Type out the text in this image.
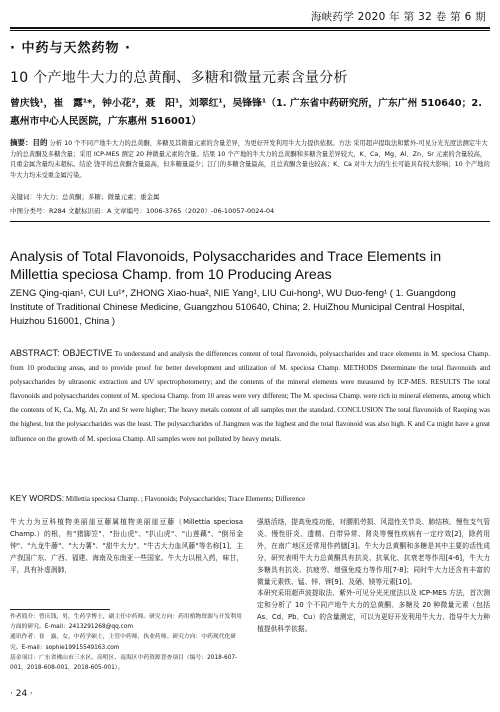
海峡药学 2020 年 第 32 卷 第 6 期
· 中药与天然药物 ·
10 个产地牛大力的总黄酮、多糖和微量元素含量分析
曾庆钱¹，崔　露¹*，钟小花²，聂　阳¹，刘翠红¹，吴锋锋¹（1. 广东省中药研究所，广东广州 510640；2. 惠州市中心人民医院，广东惠州 516001）
摘要：目的 分析 10 个不同产地牛大力的总黄酮、多糖及其微量元素的含量差异，为更好开发利用牛大力提供依据。方法 采用超声提取法和紫外-可见分光光度法测定牛大力的总黄酮及多糖含量；采用 ICP-MES 测定 20 种微量元素的含量。结果 10 个产地的牛大力的总黄酮和多糖含量差异较大，K、Ca、Mg、Al、Zn、Sr 元素的含量较高，且重金属含量均未超标。结论 饶平的总黄酮含量最高，但多糖量最少；江门的多糖含量最高，且总黄酮含量也较高；K、Ca 对牛大力的生长可能具有较大影响；10 个产地的牛大力均未受重金属污染。
关键词：牛大力；总黄酮；多糖；微量元素；重金属
中图分类号：R284 文献标识码：A 文章编号：1006-3765（2020）-06-10057-0024-04
Analysis of Total Flavonoids, Polysaccharides and Trace Elements in Millettia speciosa Champ. from 10 Producing Areas
ZENG Qing-qian¹, CUI Lu¹*, ZHONG Xiao-hua², NIE Yang¹, LIU Cui-hong¹, WU Duo-feng¹ ( 1. Guangdong Institute of Traditional Chinese Medicine, Guangzhou 510640, China; 2. HuiZhou Municipal Central Hospital, Huizhou 516001, China )
ABSTRACT: OBJECTIVE To understand and analysis the differences content of total flavonoids, polysaccharides and trace elements in M. speciosa Champ. from 10 producing areas, and to provide proof for better development and utilization of M. speciosa Champ. METHODS Determinate the total flavonoids and polysaccharides by ultrasonic extraction and UV spectrophotometry; and the contents of the mineral elements were measured by ICP-MES. RESULTS The total flavonoids and polysaccharides content of M. speciosa Champ. from 10 areas were very different; The M. speciosa Champ. were rich in mineral elements, among which the contents of K, Ca, Mg, Al, Zn and Sr were higher; The heavy metals content of all samples met the standard. CONCLUSION The total flavonoids of Raoping was the highest, but the polysaccharides was the least. The polysaccharides of Jiangmen was the highest and the total flavonoid was also high. K and Ca might have a great influence on the growth of M. speciosa Champ. All samples were not polluted by heavy metals.
KEY WORDS: Millettia speciosa Champ. ; Flavonoids; Polysaccharides; Trace Elements; Difference
牛大力为豆科植物美丽崖豆藤属植物美丽崖豆藤（Millettia speciosa Champ.）的根，有"猪脚笠"、"扮山虎"、"扒山虎"、"山莲藕"、"倒吊金钟"、"九龙牛藤"、"大力薯"、"甜牛大力"、"牛古大力血风藤"等名称[1]，主产我国广东、广西、福建、海南及东南亚一些国家。牛大力以根入药，味甘，平，具有补虚润肺，
作者简介：曾庆钱，男，生药学博士，副主任中药师。研究方向：药用植物资源与开发利用方面的研究。E-mail：2413291268@qq.com
通讯作者：崔　露，女，中药学硕士，主管中药师，执业药师。研究方向：中药现代化研究。E-mail：sophie19915549163.com
基金项目：广东省佛山市三水区、高明区、南海区中药资源普查项目（编号：2018-607-001，2018-608-001，2018-605-001）。
强筋活络，提高免疫功能，对腰肌劳损、风湿性关节炎、肺结核、慢性支气管炎、慢性肝炎、遗精、白带异常、肾炎等慢性疾病有一定疗效[2]，除药用外，在南广地区还常用作药膳[3]。牛大力总黄酮和多糖是其中主要的活性成分，研究表明牛大力总黄酮具有抗炎、抗氧化、抗衰老等作用[4-6]，牛大力多糖具有抗炎、抗疲劳、增强免疫力等作用[7-8]；同时牛大力还含有丰富的微量元素铁、锰、锌、钾[9]、及硒、镁等元素[10]。
本研究采用超声波提取法、紫外-可见分光光度法以及 ICP-MES 方法，首次测定和分析了 10 个不同产地牛大力的总黄酮、多糖及 20 种微量元素（包括 As、Cd、Pb、Cu）的含量测定，可以为更好开发利用牛大力、指导牛大力种植提供科学依据。
· 24 ·
